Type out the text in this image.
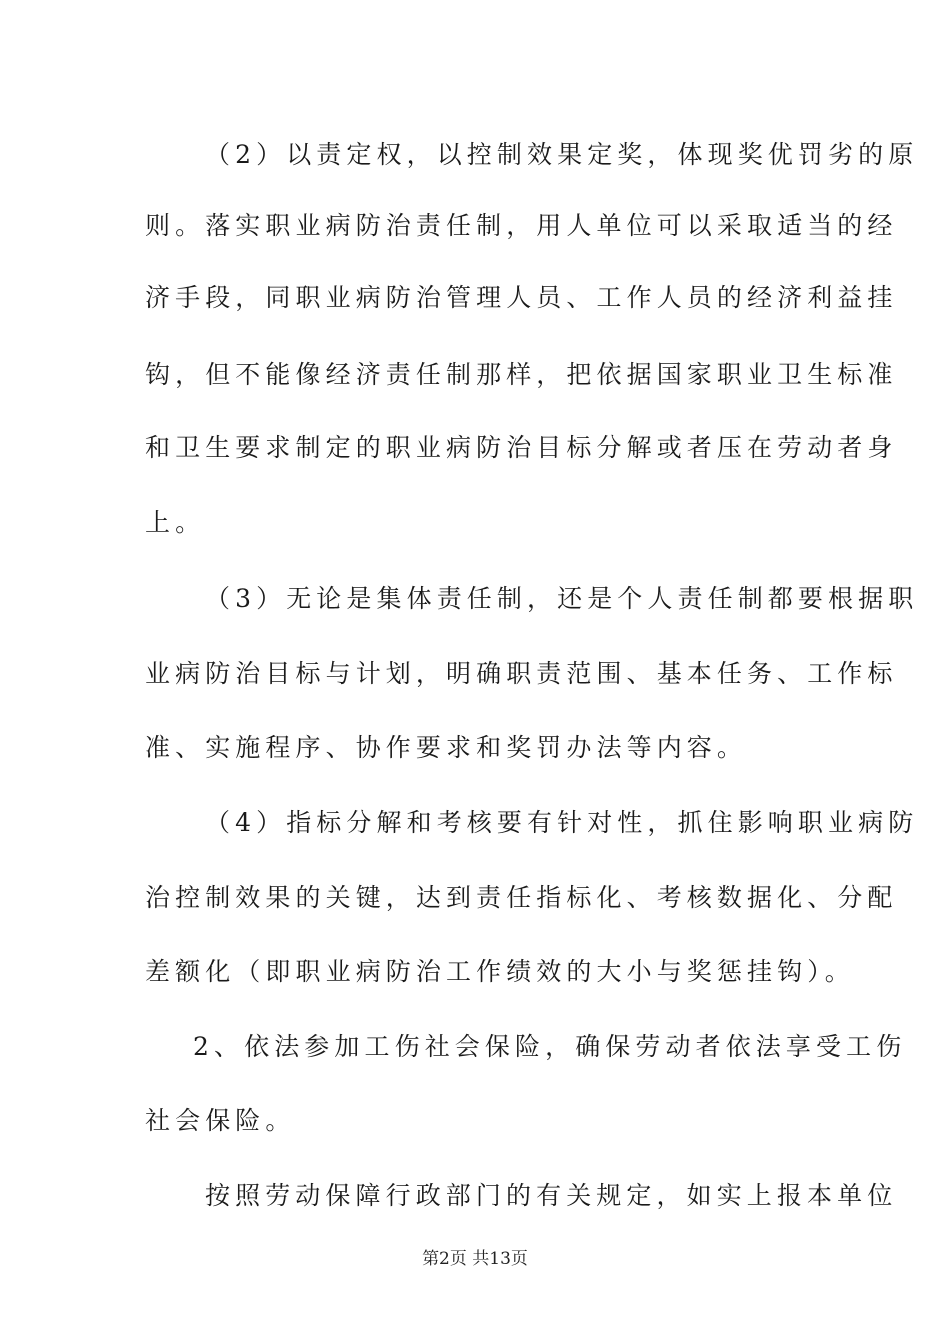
（2）以责定权，以控制效果定奖，体现奖优罚劣的原
则。落实职业病防治责任制，用人单位可以采取适当的经
济手段，同职业病防治管理人员、工作人员的经济利益挂
钩，但不能像经济责任制那样，把依据国家职业卫生标准
和卫生要求制定的职业病防治目标分解或者压在劳动者身
上。
（3）无论是集体责任制，还是个人责任制都要根据职
业病防治目标与计划，明确职责范围、基本任务、工作标
准、实施程序、协作要求和奖罚办法等内容。
（4）指标分解和考核要有针对性，抓住影响职业病防
治控制效果的关键，达到责任指标化、考核数据化、分配
差额化（即职业病防治工作绩效的大小与奖惩挂钩）。
2、依法参加工伤社会保险，确保劳动者依法享受工伤
社会保险。
按照劳动保障行政部门的有关规定，如实上报本单位
第2页 共13页
